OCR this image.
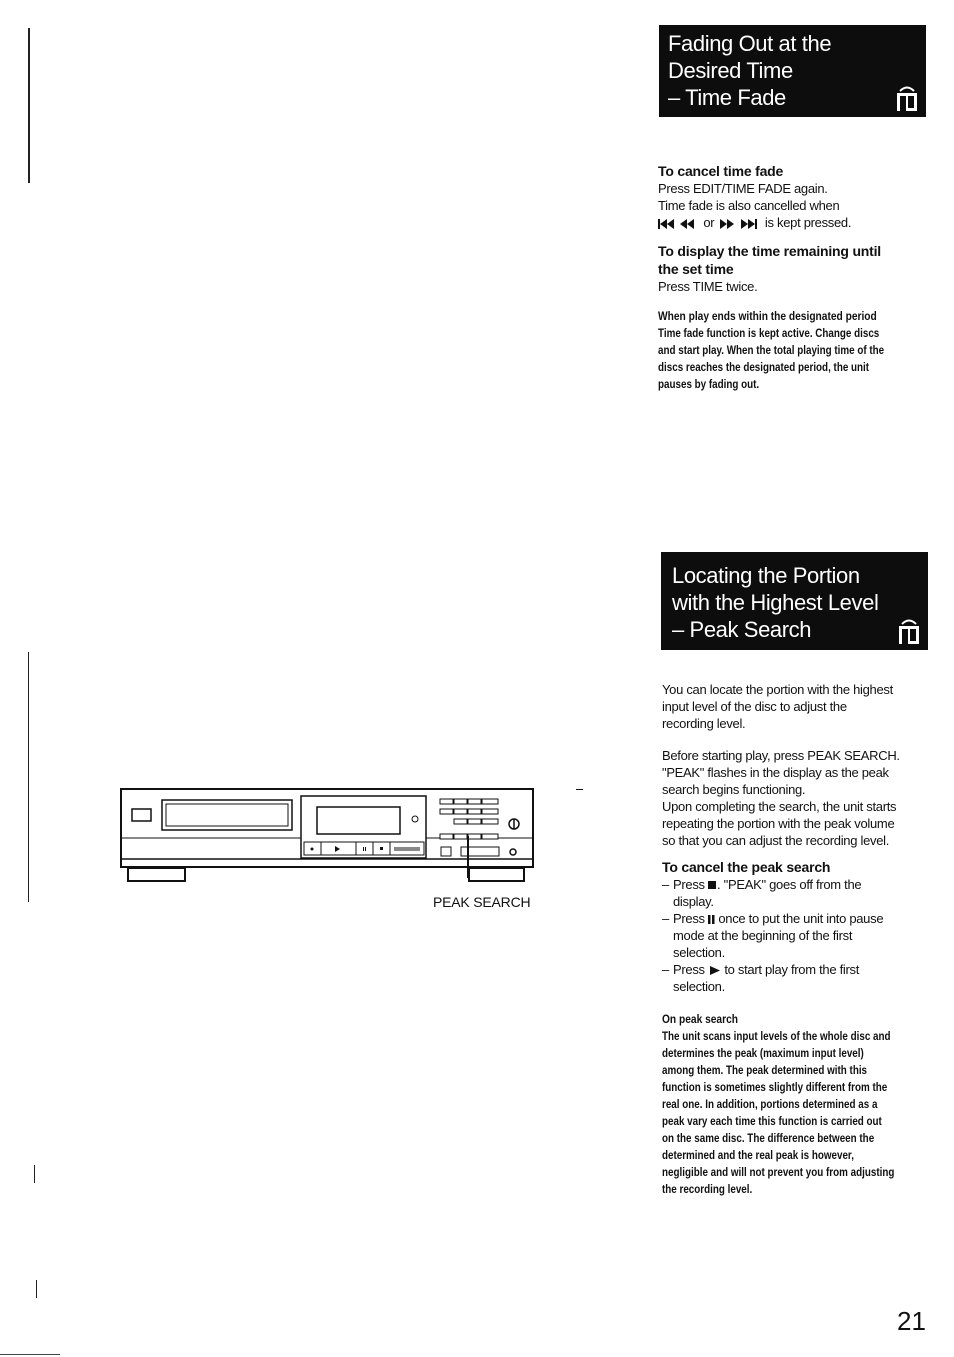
Fading Out at the
Desired Time
– Time Fade
To cancel time fade
Press EDIT/TIME FADE again.
Time fade is also cancelled when
or	is kept pressed.
To display the time remaining until
the set time
Press TIME twice.
When play ends within the designated period
Time fade function is kept active. Change discs
and start play. When the total playing time of the
discs reaches the designated period, the unit
pauses by fading out.
Locating the Portion
with the Highest Level
– Peak Search
You can locate the portion with the highest
input level of the disc to adjust the
recording level.
Before starting play, press PEAK SEARCH.
"PEAK" flashes in the display as the peak
search begins functioning.
Upon completing the search, the unit starts
repeating the portion with the peak volume
so that you can adjust the recording level.
To cancel the peak search
– Press . "PEAK" goes off from the
display.
– Press  once to put the unit into pause
mode at the beginning of the first
selection.
– Press  to start play from the first
selection.
On peak search
The unit scans input levels of the whole disc and
determines the peak (maximum input level)
among them. The peak determined with this
function is sometimes slightly different from the
real one. In addition, portions determined as a
peak vary each time this function is carried out
on the same disc. The difference between the
determined and the real peak is however,
negligible and will not prevent you from adjusting
the recording level.
PEAK SEARCH
21
